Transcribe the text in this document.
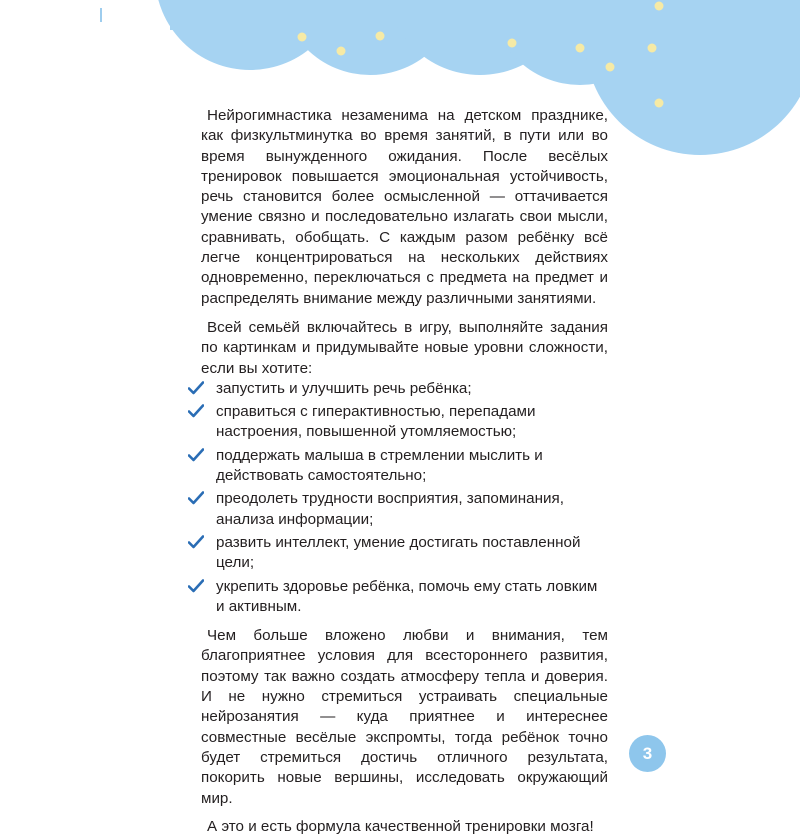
Нейрогимнастика незаменима на детском празднике, как физкультминутка во время занятий, в пути или во время вынужденного ожидания. После весёлых тренировок повышается эмоциональная устойчивость, речь становится более осмысленной — оттачивается умение связно и последовательно излагать свои мысли, сравнивать, обобщать. С каждым разом ребёнку всё легче концентрироваться на нескольких действиях одновременно, переключаться с предмета на предмет и распределять внимание между различными занятиями.

Всей семьёй включайтесь в игру, выполняйте задания по картинкам и придумывайте новые уровни сложности, если вы хотите:

запустить и улучшить речь ребёнка;
справиться с гиперактивностью, перепадами настроения, повышенной утомляемостью;
поддержать малыша в стремлении мыслить и действовать самостоятельно;
преодолеть трудности восприятия, запоминания, анализа информации;
развить интеллект, умение достигать поставленной цели;
укрепить здоровье ребёнка, помочь ему стать ловким и активным.

Чем больше вложено любви и внимания, тем благоприятнее условия для всестороннего развития, поэтому так важно создать атмосферу тепла и доверия. И не нужно стремиться устраивать специальные нейрозанятия — куда приятнее и интереснее совместные весёлые экспромты, тогда ребёнок точно будет стремиться достичь отличного результата, покорить новые вершины, исследовать окружающий мир.

А это и есть формула качественной тренировки мозга!

3
